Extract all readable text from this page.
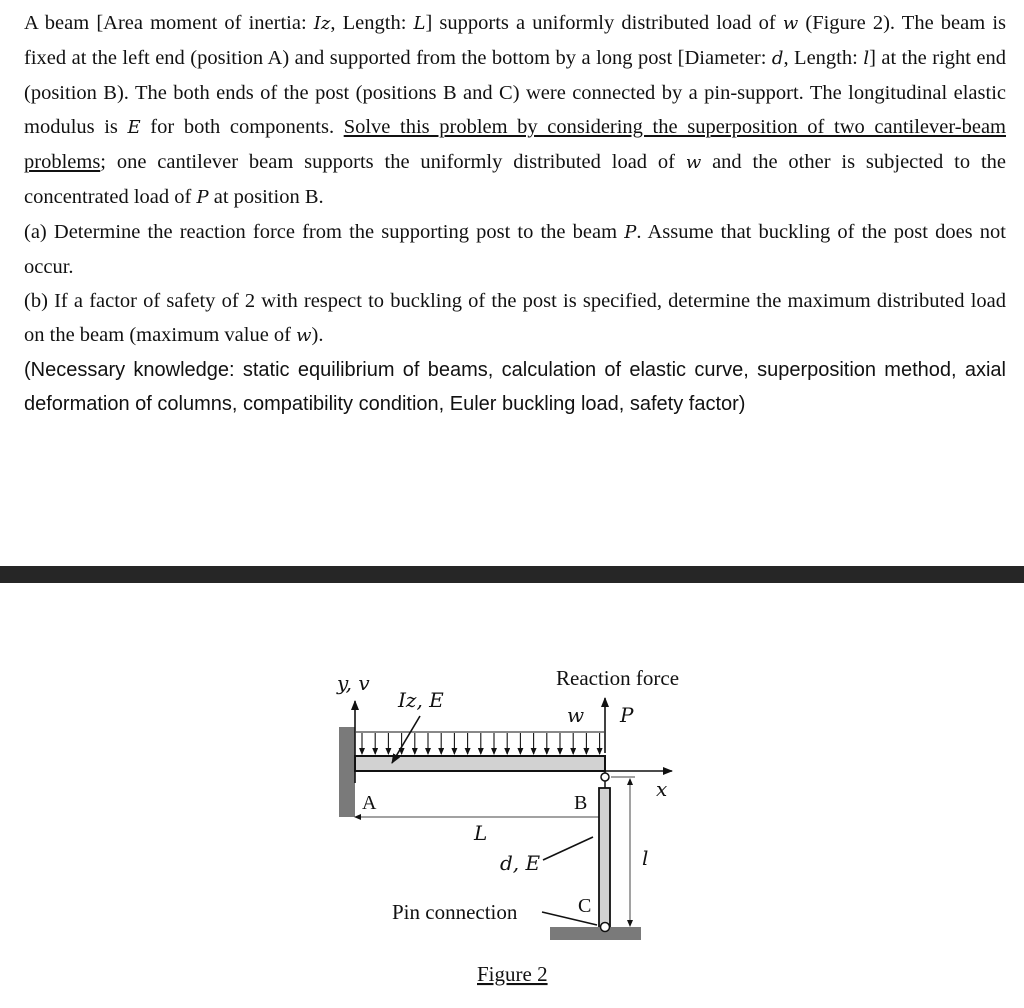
A beam [Area moment of inertia: Iz, Length: L] supports a uniformly distributed load of w (Figure 2). The beam is fixed at the left end (position A) and supported from the bottom by a long post [Diameter: d, Length: l] at the right end (position B). The both ends of the post (positions B and C) were connected by a pin-support. The longitudinal elastic modulus is E for both components. Solve this problem by considering the superposition of two cantilever-beam problems; one cantilever beam supports the uniformly distributed load of w and the other is subjected to the concentrated load of P at position B.

(a) Determine the reaction force from the supporting post to the beam P. Assume that buckling of the post does not occur.

(b) If a factor of safety of 2 with respect to buckling of the post is specified, determine the maximum distributed load on the beam (maximum value of w).

(Necessary knowledge: static equilibrium of beams, calculation of elastic curve, superposition method, axial deformation of columns, compatibility condition, Euler buckling load, safety factor)

y, v
Iz, E
Reaction force
w P
x
A	B
L
l
d, E
C
Pin connection
Figure 2
